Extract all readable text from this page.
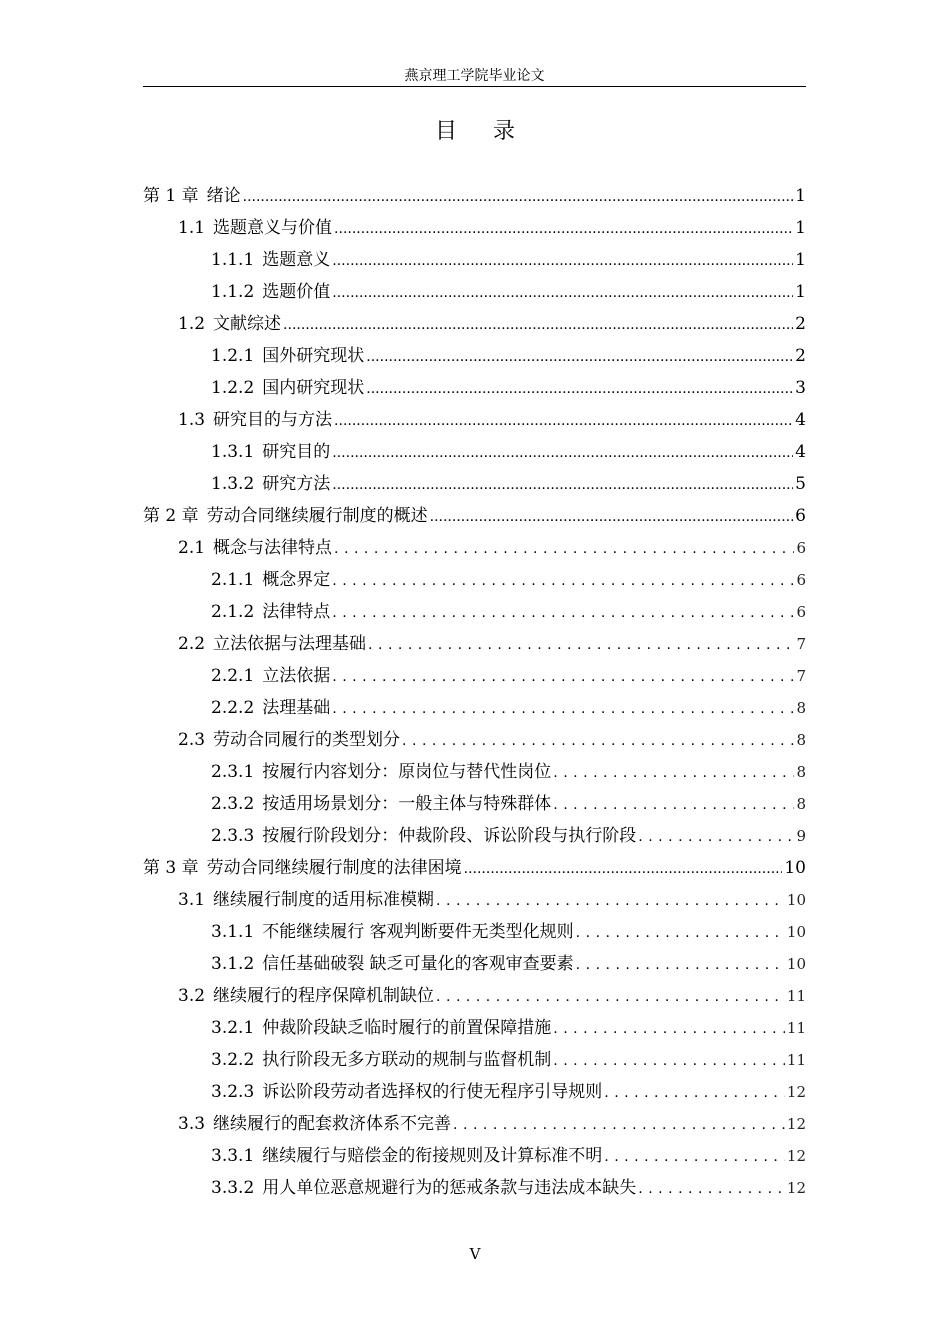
燕京理工学院毕业论文
目录
第 1 章 绪论 .....	1
1.1 选题意义与价值 .....	1
1.1.1 选题意义 .....	1
1.1.2 选题价值 .....	1
1.2 文献综述 .....	2
1.2.1 国外研究现状 .....	2
1.2.2 国内研究现状 .....	3
1.3 研究目的与方法 .....	4
1.3.1 研究目的 .....	4
1.3.2 研究方法 .....	5
第 2 章 劳动合同继续履行制度的概述 .....	6
2.1 概念与法律特点 .....	6
2.1.1 概念界定 .....	6
2.1.2 法律特点 .....	6
2.2 立法依据与法理基础 .....	7
2.2.1 立法依据 .....	7
2.2.2 法理基础 .....	8
2.3 劳动合同履行的类型划分 .....	8
2.3.1 按履行内容划分：原岗位与替代性岗位 .....	8
2.3.2 按适用场景划分：一般主体与特殊群体 .....	8
2.3.3 按履行阶段划分：仲裁阶段、诉讼阶段与执行阶段 .....	9
第 3 章 劳动合同继续履行制度的法律困境 .....	10
3.1 继续履行制度的适用标准模糊 .....	10
3.1.1 不能继续履行 客观判断要件无类型化规则 .....	10
3.1.2 信任基础破裂 缺乏可量化的客观审查要素 .....	10
3.2 继续履行的程序保障机制缺位 .....	11
3.2.1 仲裁阶段缺乏临时履行的前置保障措施 .....	11
3.2.2 执行阶段无多方联动的规制与监督机制 .....	11
3.2.3 诉讼阶段劳动者选择权的行使无程序引导规则 .....	12
3.3 继续履行的配套救济体系不完善 .....	12
3.3.1 继续履行与赔偿金的衔接规则及计算标准不明 .....	12
3.3.2 用人单位恶意规避行为的惩戒条款与违法成本缺失 .....	12
V
